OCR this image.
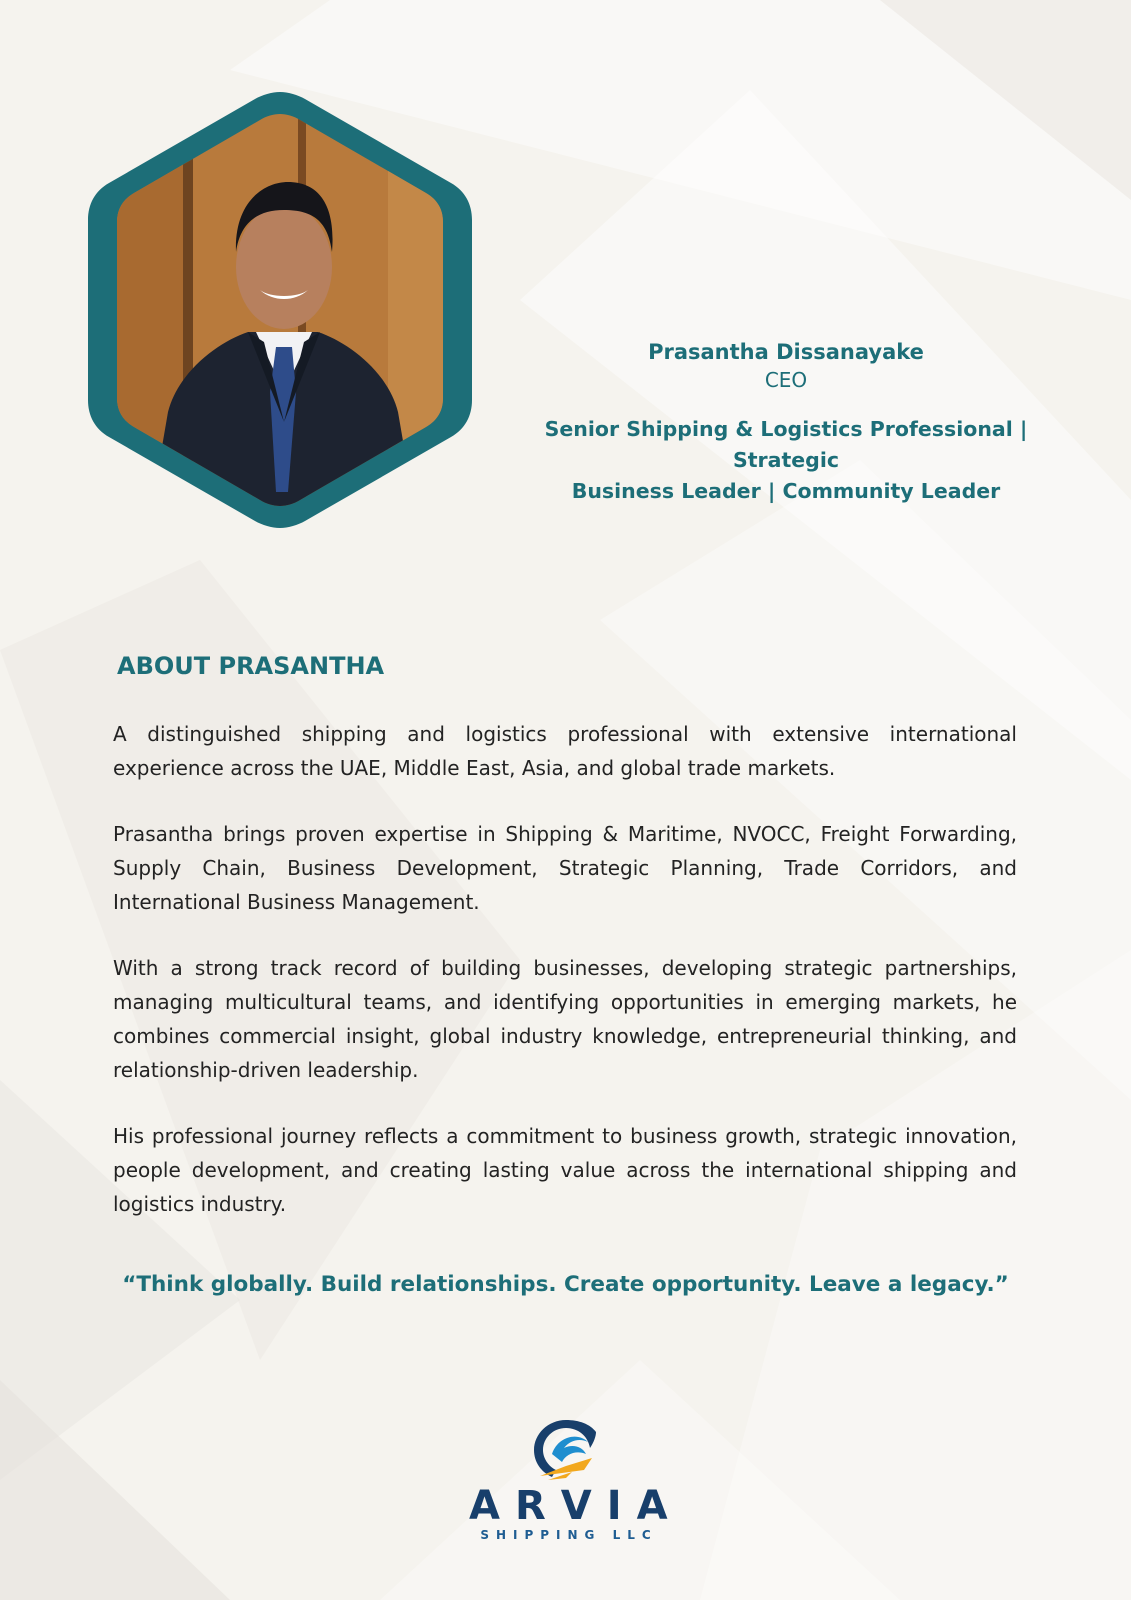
Prasantha Dissanayake

CEO

Senior Shipping & Logistics Professional | Strategic
Business Leader | Community Leader

ABOUT PRASANTHA

A distinguished shipping and logistics professional with extensive international experience across the UAE, Middle East, Asia, and global trade markets.

Prasantha brings proven expertise in Shipping & Maritime, NVOCC, Freight Forwarding, Supply Chain, Business Development, Strategic Planning, Trade Corridors, and International Business Management.

With a strong track record of building businesses, developing strategic partnerships, managing multicultural teams, and identifying opportunities in emerging markets, he combines commercial insight, global industry knowledge, entrepreneurial thinking, and relationship-driven leadership.

His professional journey reflects a commitment to business growth, strategic innovation, people development, and creating lasting value across the international shipping and logistics industry.

“Think globally. Build relationships. Create opportunity. Leave a legacy.”

ARVIA
SHIPPING LLC
